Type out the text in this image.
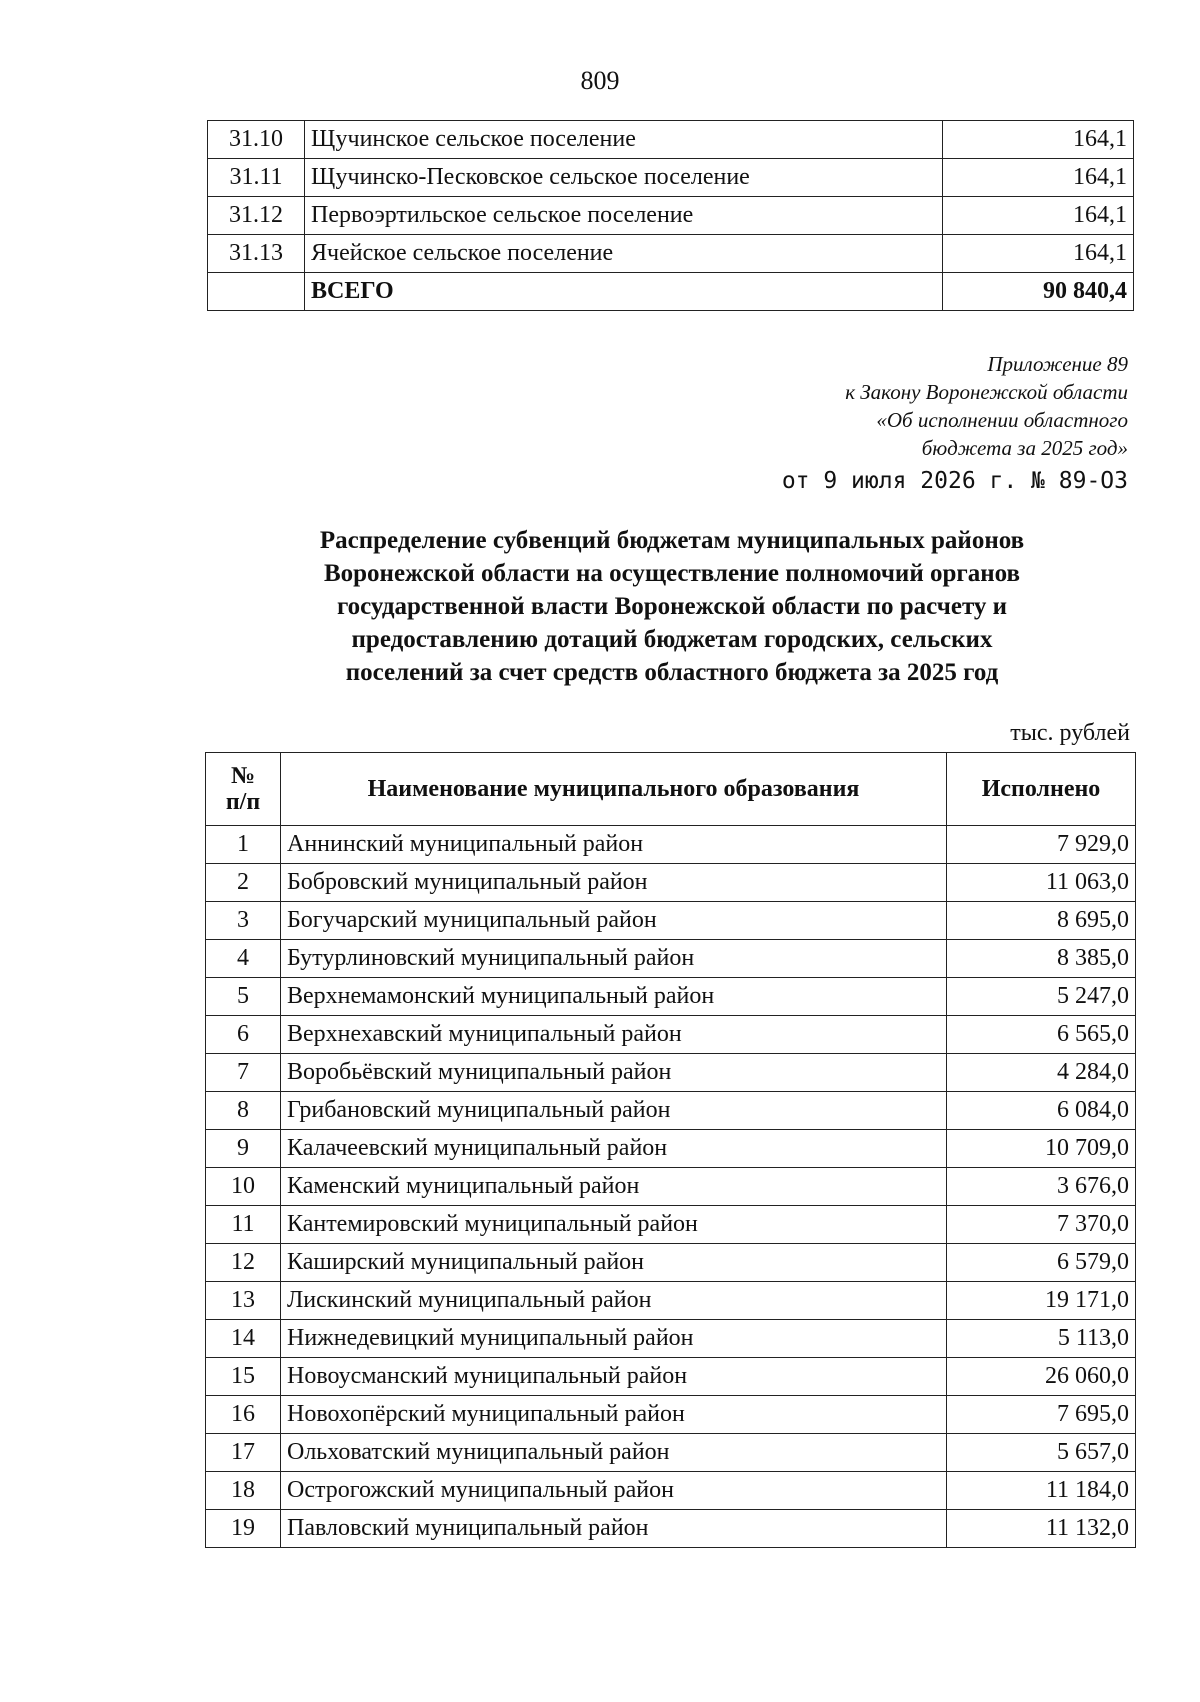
809
31.10	Щучинское сельское поселение	164,1
31.11	Щучинско-Песковское сельское поселение	164,1
31.12	Первоэртильское сельское поселение	164,1
31.13	Ячейское сельское поселение	164,1
	ВСЕГО	90 840,4
Приложение 89
к Закону Воронежской области
«Об исполнении областного
бюджета за 2025 год»
от 9 июля 2026 г. № 89-ОЗ
Распределение субвенций бюджетам муниципальных районов
Воронежской области на осуществление полномочий органов
государственной власти Воронежской области по расчету и
предоставлению дотаций бюджетам городских, сельских
поселений за счет средств областного бюджета за 2025 год
тыс. рублей
№
п/п	Наименование муниципального образования	Исполнено
1	Аннинский муниципальный район	7 929,0
2	Бобровский муниципальный район	11 063,0
3	Богучарский муниципальный район	8 695,0
4	Бутурлиновский муниципальный район	8 385,0
5	Верхнемамонский муниципальный район	5 247,0
6	Верхнехавский муниципальный район	6 565,0
7	Воробьёвский муниципальный район	4 284,0
8	Грибановский муниципальный район	6 084,0
9	Калачеевский муниципальный район	10 709,0
10	Каменский муниципальный район	3 676,0
11	Кантемировский муниципальный район	7 370,0
12	Каширский муниципальный район	6 579,0
13	Лискинский муниципальный район	19 171,0
14	Нижнедевицкий муниципальный район	5 113,0
15	Новоусманский муниципальный район	26 060,0
16	Новохопёрский муниципальный район	7 695,0
17	Ольховатский муниципальный район	5 657,0
18	Острогожский муниципальный район	11 184,0
19	Павловский муниципальный район	11 132,0
